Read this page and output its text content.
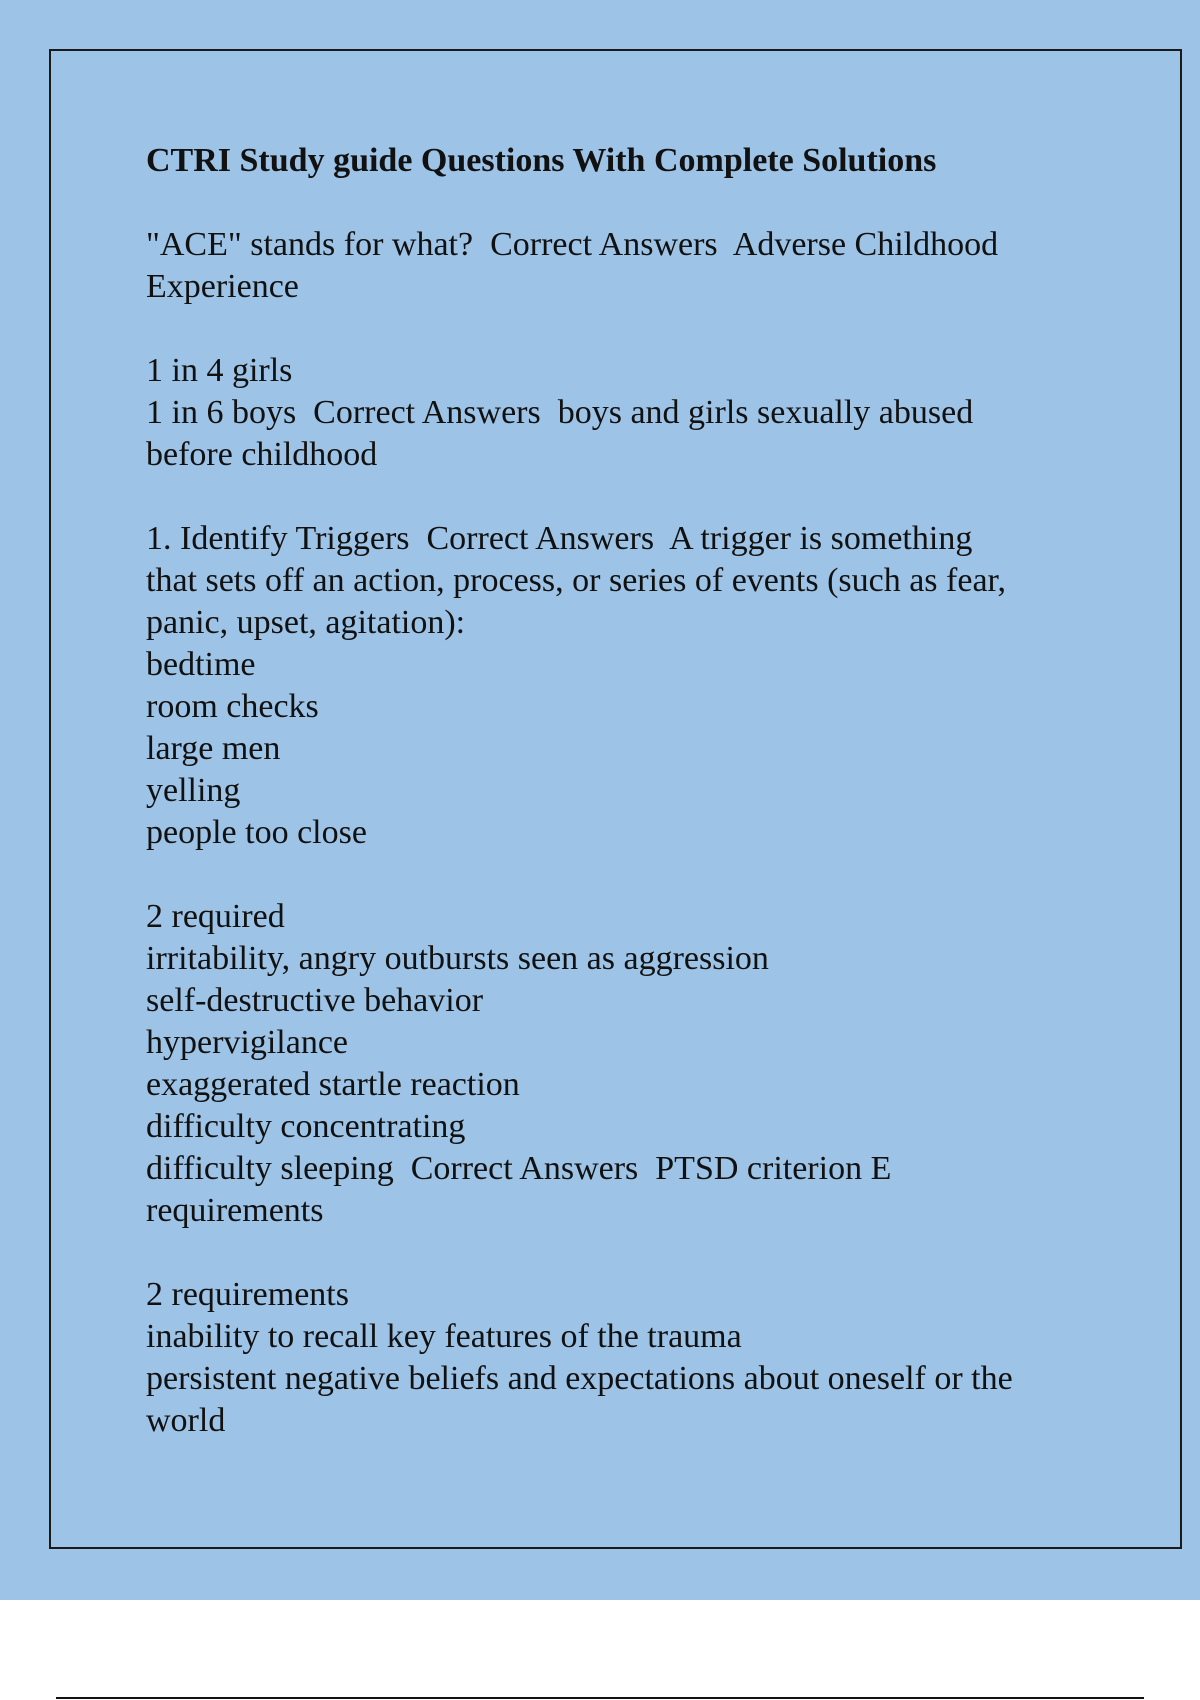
CTRI Study guide Questions With Complete Solutions
"ACE" stands for what?  Correct Answers  Adverse Childhood
Experience
1 in 4 girls
1 in 6 boys  Correct Answers  boys and girls sexually abused
before childhood
1. Identify Triggers  Correct Answers  A trigger is something
that sets off an action, process, or series of events (such as fear,
panic, upset, agitation):
bedtime
room checks
large men
yelling
people too close
2 required
irritability, angry outbursts seen as aggression
self-destructive behavior
hypervigilance
exaggerated startle reaction
difficulty concentrating
difficulty sleeping  Correct Answers  PTSD criterion E
requirements
2 requirements
inability to recall key features of the trauma
persistent negative beliefs and expectations about oneself or the
world
